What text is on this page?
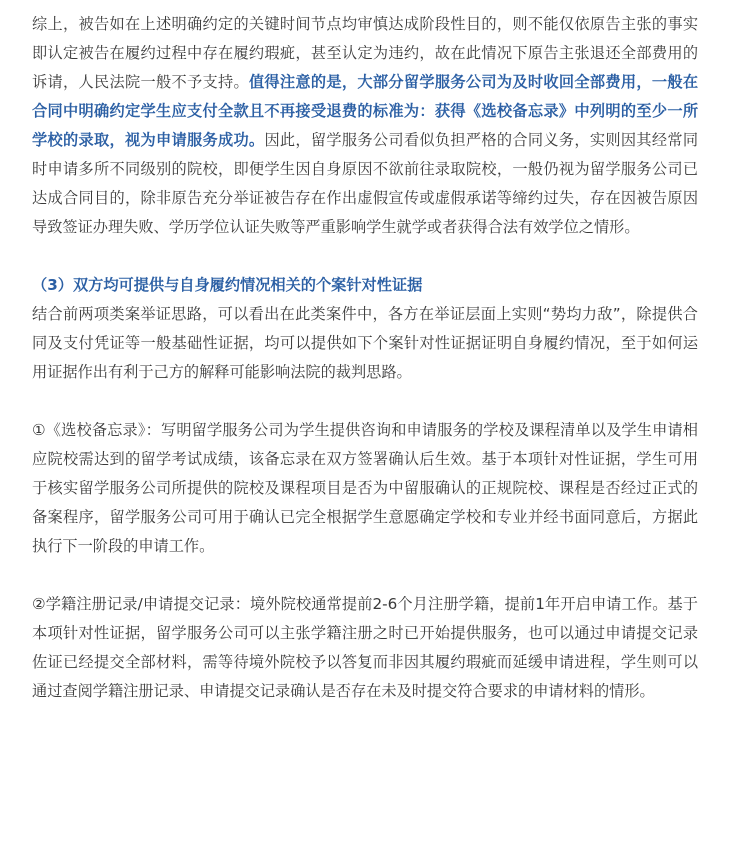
综上，被告如在上述明确约定的关键时间节点均审慎达成阶段性目的，则不能仅依原告主张的事实即认定被告在履约过程中存在履约瑕疵，甚至认定为违约，故在此情况下原告主张退还全部费用的诉请，人民法院一般不予支持。值得注意的是，大部分留学服务公司为及时收回全部费用，一般在合同中明确约定学生应支付全款且不再接受退费的标准为：获得《选校备忘录》中列明的至少一所学校的录取，视为申请服务成功。因此，留学服务公司看似负担严格的合同义务，实则因其经常同时申请多所不同级别的院校，即便学生因自身原因不欲前往录取院校，一般仍视为留学服务公司已达成合同目的，除非原告充分举证被告存在作出虚假宣传或虚假承诺等缔约过失，存在因被告原因导致签证办理失败、学历学位认证失败等严重影响学生就学或者获得合法有效学位之情形。

（3）双方均可提供与自身履约情况相关的个案针对性证据

结合前两项类案举证思路，可以看出在此类案件中，各方在举证层面上实则“势均力敌”，除提供合同及支付凭证等一般基础性证据，均可以提供如下个案针对性证据证明自身履约情况，至于如何运用证据作出有利于己方的解释可能影响法院的裁判思路。

①《选校备忘录》：写明留学服务公司为学生提供咨询和申请服务的学校及课程清单以及学生申请相应院校需达到的留学考试成绩，该备忘录在双方签署确认后生效。基于本项针对性证据，学生可用于核实留学服务公司所提供的院校及课程项目是否为中留服确认的正规院校、课程是否经过正式的备案程序，留学服务公司可用于确认已完全根据学生意愿确定学校和专业并经书面同意后，方据此执行下一阶段的申请工作。

②学籍注册记录/申请提交记录：境外院校通常提前2-6个月注册学籍，提前1年开启申请工作。基于本项针对性证据，留学服务公司可以主张学籍注册之时已开始提供服务，也可以通过申请提交记录佐证已经提交全部材料，需等待境外院校予以答复而非因其履约瑕疵而延缓申请进程，学生则可以通过查阅学籍注册记录、申请提交记录确认是否存在未及时提交符合要求的申请材料的情形。
